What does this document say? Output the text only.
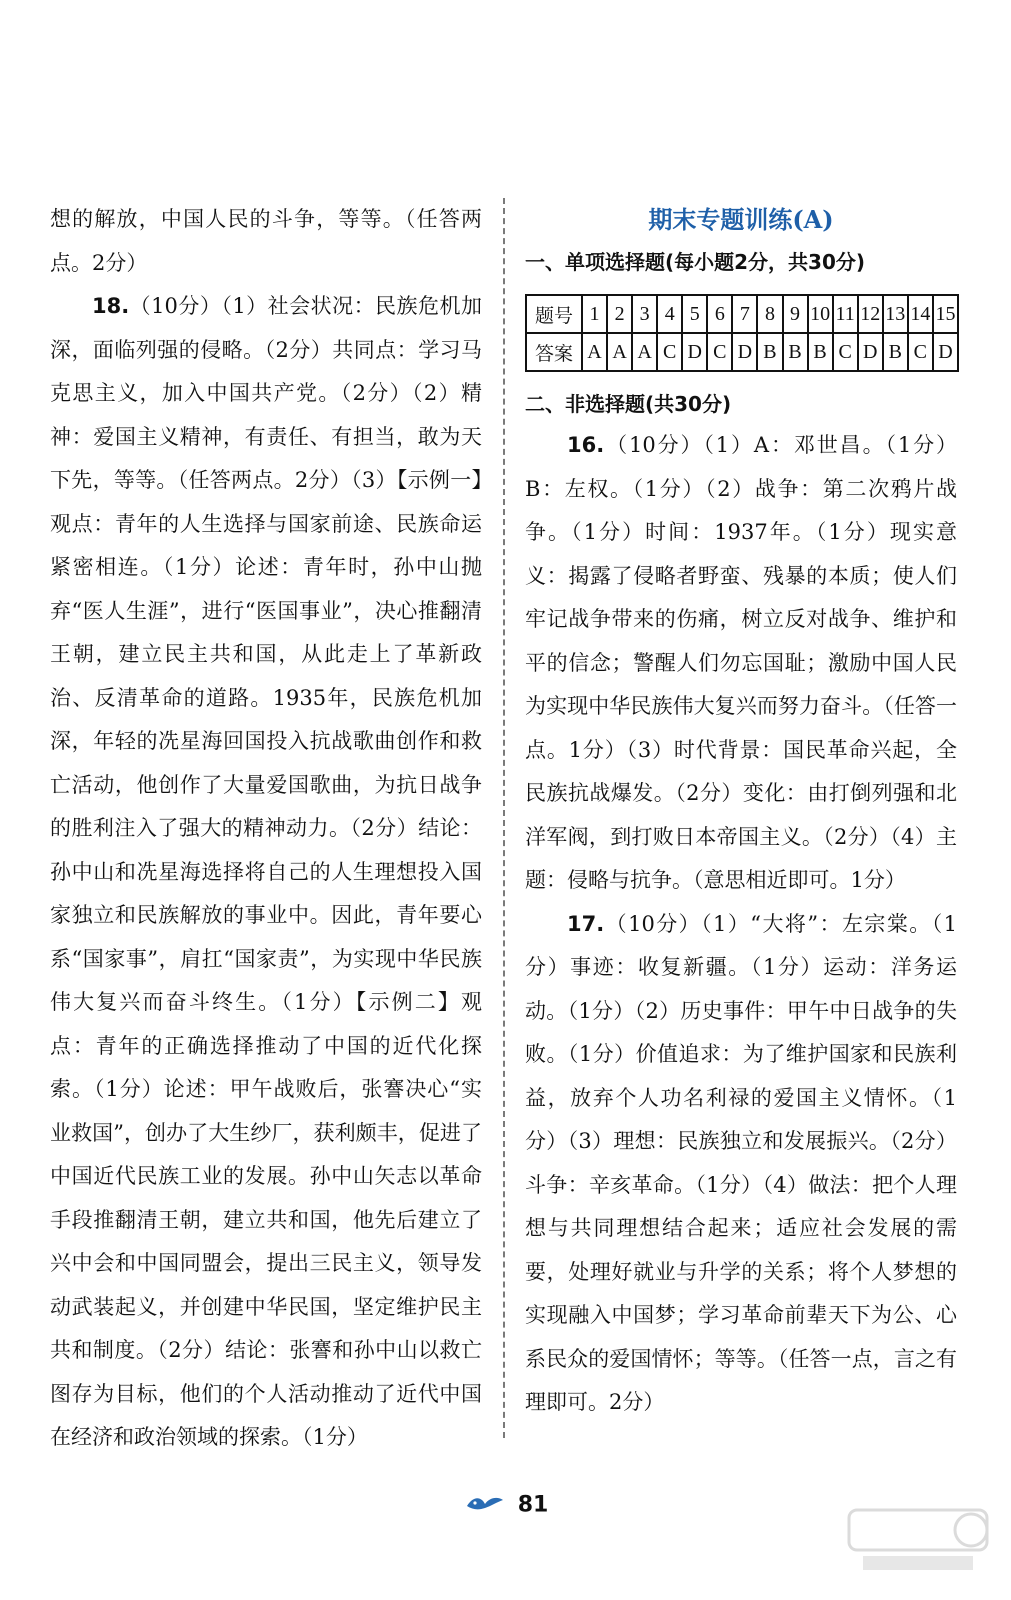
想的解放，中国人民的斗争，等等。（任答两点。2分）

18.（10分）（1）社会状况：民族危机加深，面临列强的侵略。（2分）共同点：学习马克思主义，加入中国共产党。（2分）（2）精神：爱国主义精神，有责任、有担当，敢为天下先，等等。（任答两点。2分）（3）【示例一】观点：青年的人生选择与国家前途、民族命运紧密相连。（1分）论述：青年时，孙中山抛弃“医人生涯”，进行“医国事业”，决心推翻清王朝，建立民主共和国，从此走上了革新政治、反清革命的道路。1935年，民族危机加深，年轻的冼星海回国投入抗战歌曲创作和救亡活动，他创作了大量爱国歌曲，为抗日战争的胜利注入了强大的精神动力。（2分）结论：孙中山和冼星海选择将自己的人生理想投入国家独立和民族解放的事业中。因此，青年要心系“国家事”，肩扛“国家责”，为实现中华民族伟大复兴而奋斗终生。（1分）【示例二】观点：青年的正确选择推动了中国的近代化探索。（1分）论述：甲午战败后，张謇决心“实业救国”，创办了大生纱厂，获利颇丰，促进了中国近代民族工业的发展。孙中山矢志以革命手段推翻清王朝，建立共和国，他先后建立了兴中会和中国同盟会，提出三民主义，领导发动武装起义，并创建中华民国，坚定维护民主共和制度。（2分）结论：张謇和孙中山以救亡图存为目标，他们的个人活动推动了近代中国在经济和政治领域的探索。（1分）

期末专题训练(A)

一、单项选择题(每小题2分，共30分)

题号	1	2	3	4	5	6	7	8	9	10	11	12	13	14	15
答案	A	A	A	C	D	C	D	B	B	B	C	D	B	C	D

二、非选择题(共30分)

16.（10分）（1）A：邓世昌。（1分）B：左权。（1分）（2）战争：第二次鸦片战争。（1分）时间：1937年。（1分）现实意义：揭露了侵略者野蛮、残暴的本质；使人们牢记战争带来的伤痛，树立反对战争、维护和平的信念；警醒人们勿忘国耻；激励中国人民为实现中华民族伟大复兴而努力奋斗。（任答一点。1分）（3）时代背景：国民革命兴起，全民族抗战爆发。（2分）变化：由打倒列强和北洋军阀，到打败日本帝国主义。（2分）（4）主题：侵略与抗争。（意思相近即可。1分）

17.（10分）（1）“大将”：左宗棠。（1分）事迹：收复新疆。（1分）运动：洋务运动。（1分）（2）历史事件：甲午中日战争的失败。（1分）价值追求：为了维护国家和民族利益，放弃个人功名利禄的爱国主义情怀。（1分）（3）理想：民族独立和发展振兴。（2分）斗争：辛亥革命。（1分）（4）做法：把个人理想与共同理想结合起来；适应社会发展的需要，处理好就业与升学的关系；将个人梦想的实现融入中国梦；学习革命前辈天下为公、心系民众的爱国情怀；等等。（任答一点，言之有理即可。2分）

81
